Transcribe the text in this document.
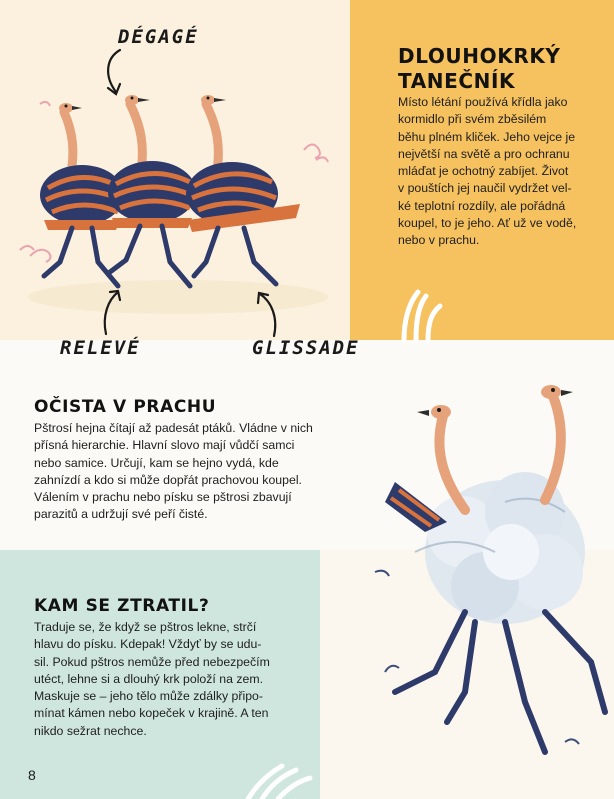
DÉGAGÉ

RELEVÉ	GLISSADE

DLOUHOKRKÝ TANEČNÍK

Místo létání používá křídla jako
kormidlo při svém zběsilém
běhu plném kliček. Jeho vejce je
největší na světě a pro ochranu
mláďat je ochotný zabíjet. Život
v pouštích jej naučil vydržet vel-
ké teplotní rozdíly, ale pořádná
koupel, to je jeho. Ať už ve vodě,
nebo v prachu.

OČISTA V PRACHU

Pštrosí hejna čítají až padesát ptáků. Vládne v nich
přísná hierarchie. Hlavní slovo mají vůdčí samci
nebo samice. Určují, kam se hejno vydá, kde
zahnízdí a kdo si může dopřát prachovou koupel.
Válením v prachu nebo písku se pštrosi zbavují
parazitů a udržují své peří čisté.

KAM SE ZTRATIL?

Traduje se, že když se pštros lekne, strčí
hlavu do písku. Kdepak! Vždyť by se udu-
sil. Pokud pštros nemůže před nebezpečím
utéct, lehne si a dlouhý krk položí na zem.
Maskuje se – jeho tělo může zdálky připo-
mínat kámen nebo kopeček v krajině. A ten
nikdo sežrat nechce.

8
